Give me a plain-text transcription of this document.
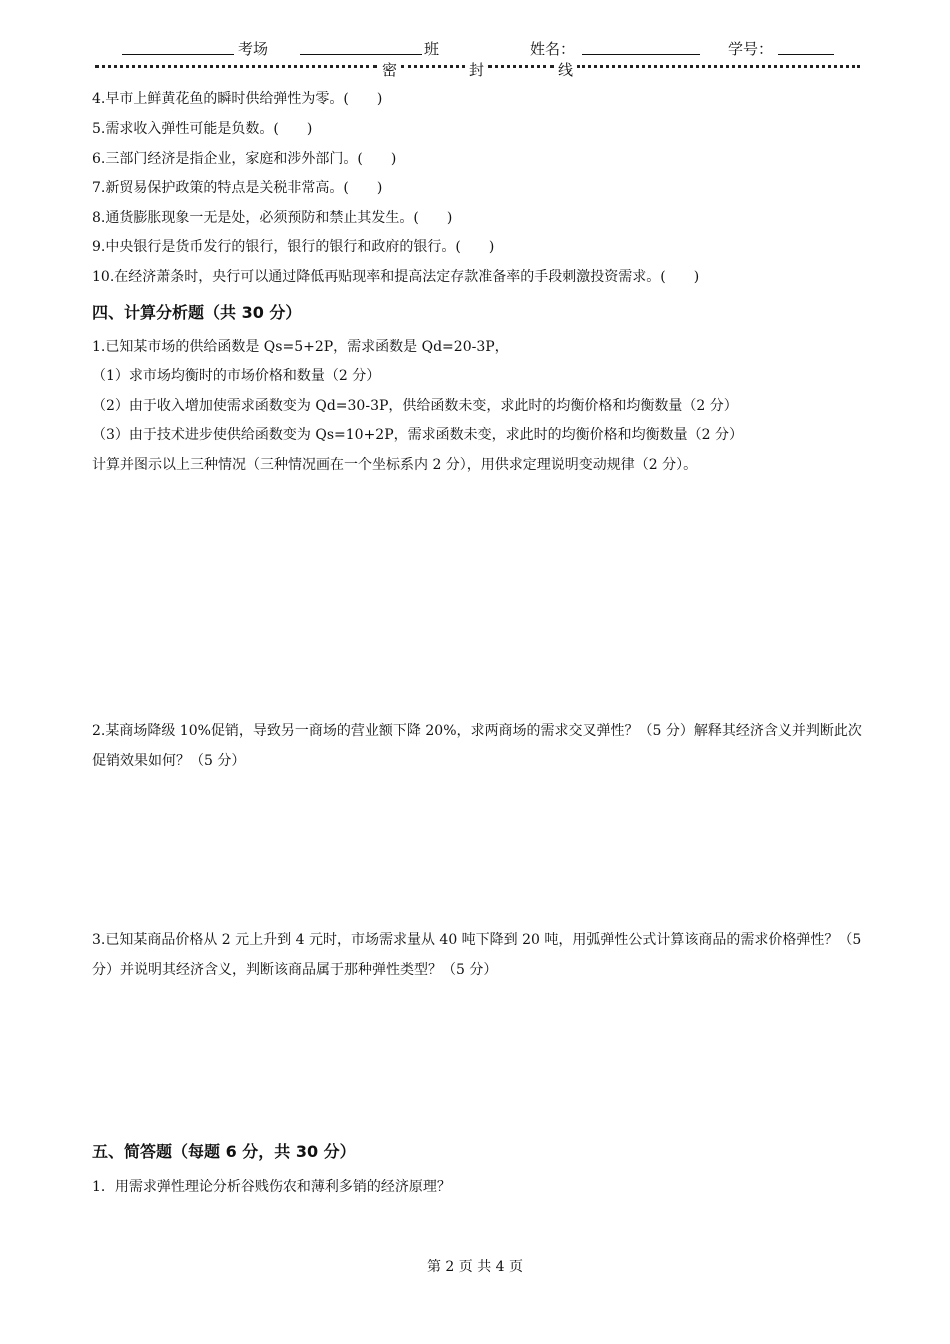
考场	班	姓名：	学号：
密	封	线
4.早市上鲜黄花鱼的瞬时供给弹性为零。(　　)
5.需求收入弹性可能是负数。(　　)
6.三部门经济是指企业，家庭和涉外部门。(　　)
7.新贸易保护政策的特点是关税非常高。(　　)
8.通货膨胀现象一无是处，必须预防和禁止其发生。(　　)
9.中央银行是货币发行的银行，银行的银行和政府的银行。(　　)
10.在经济萧条时，央行可以通过降低再贴现率和提高法定存款准备率的手段刺激投资需求。(　　)
四、计算分析题（共 30 分）
1.已知某市场的供给函数是 Qs=5+2P，需求函数是 Qd=20-3P，
（1）求市场均衡时的市场价格和数量（2 分）
（2）由于收入增加使需求函数变为 Qd=30-3P，供给函数未变，求此时的均衡价格和均衡数量（2 分）
（3）由于技术进步使供给函数变为 Qs=10+2P，需求函数未变，求此时的均衡价格和均衡数量（2 分）
计算并图示以上三种情况（三种情况画在一个坐标系内 2 分），用供求定理说明变动规律（2 分）。
2.某商场降级 10%促销，导致另一商场的营业额下降 20%，求两商场的需求交叉弹性？（5 分）解释其经济含义并判断此次促销效果如何？（5 分）
3.已知某商品价格从 2 元上升到 4 元时，市场需求量从 40 吨下降到 20 吨，用弧弹性公式计算该商品的需求价格弹性？（5 分）并说明其经济含义，判断该商品属于那种弹性类型？（5 分）
五、简答题（每题 6 分，共 30 分）
1．用需求弹性理论分析谷贱伤农和薄利多销的经济原理？
第 2 页 共 4 页
